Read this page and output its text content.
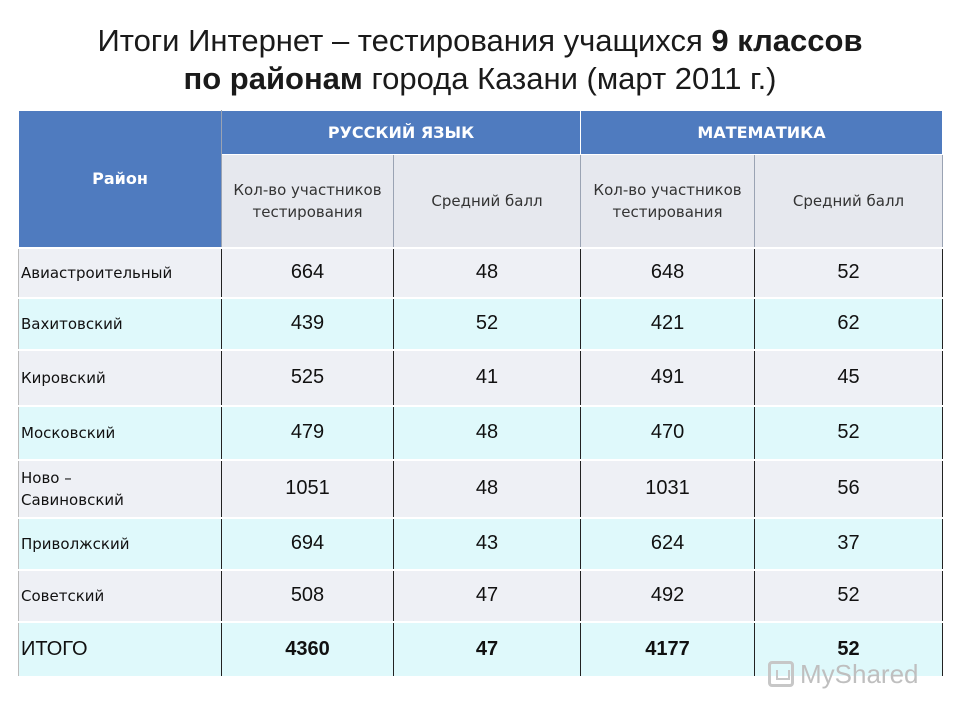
Итоги Интернет – тестирования учащихся 9 классов
по районам города Казани (март 2011 г.)
Район	РУССКИЙ ЯЗЫК		МАТЕМАТИКА	
	Кол-во участников тестирования	Средний балл	Кол-во участников тестирования	Средний балл
Авиастроительный	664	48	648	52
Вахитовский	439	52	421	62
Кировский	525	41	491	45
Московский	479	48	470	52
Ново – Савиновский	1051	48	1031	56
Приволжский	694	43	624	37
Советский	508	47	492	52
ИТОГО	4360	47	4177	52
MyShared
